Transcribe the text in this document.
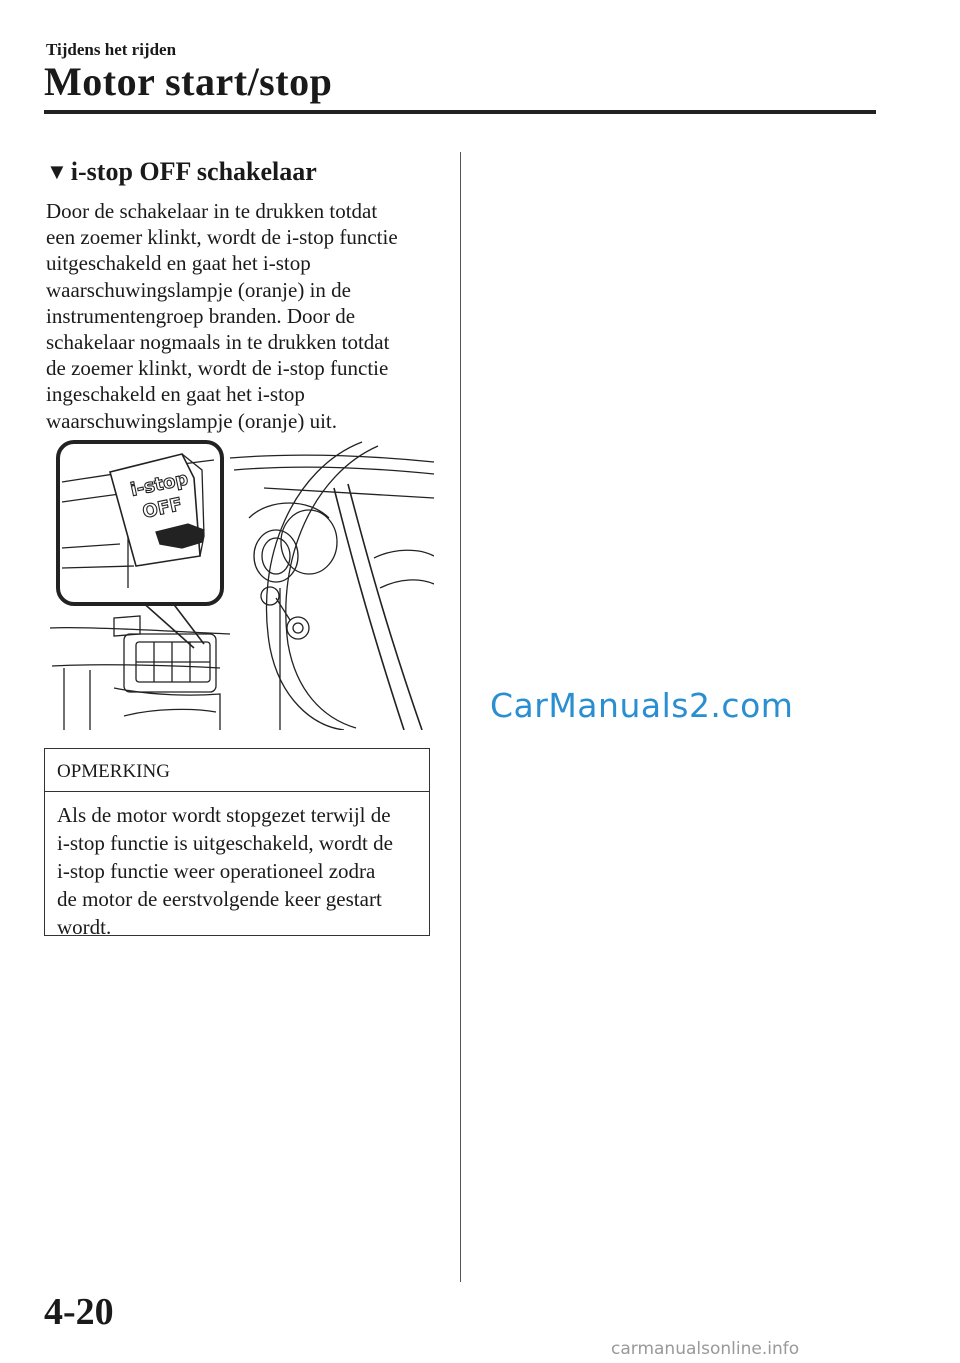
Tijdens het rijden
Motor start/stop
▼ i-stop OFF schakelaar
Door de schakelaar in te drukken totdat
een zoemer klinkt, wordt de i-stop functie
uitgeschakeld en gaat het i-stop
waarschuwingslampje (oranje) in de
instrumentengroep branden. Door de
schakelaar nogmaals in te drukken totdat
de zoemer klinkt, wordt de i-stop functie
ingeschakeld en gaat het i-stop
waarschuwingslampje (oranje) uit.
i-stop
OFF
OPMERKING
Als de motor wordt stopgezet terwijl de
i-stop functie is uitgeschakeld, wordt de
i-stop functie weer operationeel zodra
de motor de eerstvolgende keer gestart
wordt.
CarManuals2.com
4-20
carmanualsonline.info
